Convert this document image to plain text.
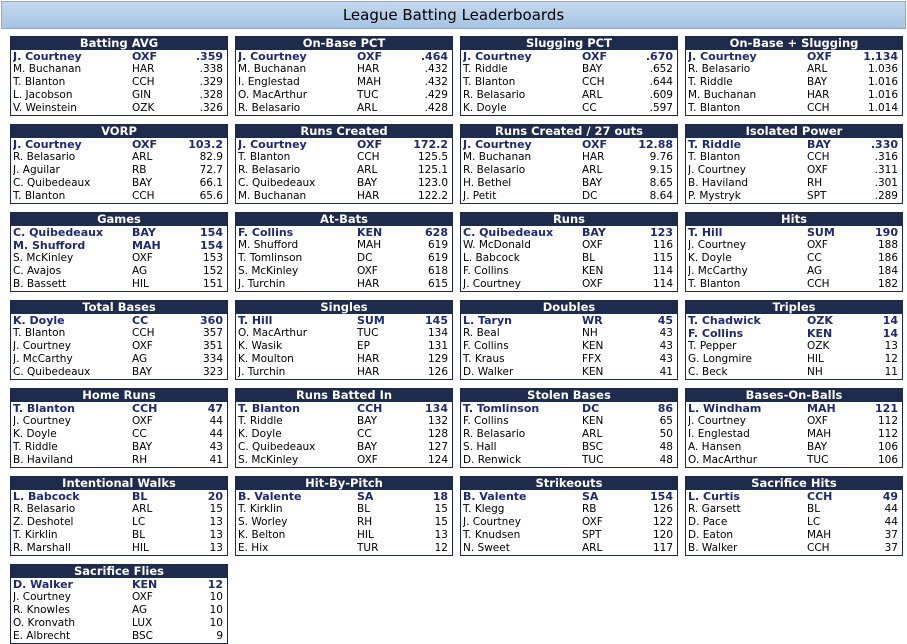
League Batting Leaderboards
Batting AVG
J. Courtney	OXF	.359
M. Buchanan	HAR	.338
T. Blanton	CCH	.329
L. Jacobson	GIN	.328
V. Weinstein	OZK	.326
On-Base PCT
J. Courtney	OXF	.464
M. Buchanan	HAR	.432
I. Englestad	MAH	.432
O. MacArthur	TUC	.429
R. Belasario	ARL	.428
Slugging PCT
J. Courtney	OXF	.670
T. Riddle	BAY	.652
T. Blanton	CCH	.644
R. Belasario	ARL	.609
K. Doyle	CC	.597
On-Base + Slugging
J. Courtney	OXF	1.134
R. Belasario	ARL	1.036
T. Riddle	BAY	1.016
M. Buchanan	HAR	1.016
T. Blanton	CCH	1.014
VORP
J. Courtney	OXF	103.2
R. Belasario	ARL	82.9
J. Aguilar	RB	72.7
C. Quibedeaux	BAY	66.1
T. Blanton	CCH	65.6
Runs Created
J. Courtney	OXF	172.2
T. Blanton	CCH	125.5
R. Belasario	ARL	125.1
C. Quibedeaux	BAY	123.0
M. Buchanan	HAR	122.2
Runs Created / 27 outs
J. Courtney	OXF	12.88
M. Buchanan	HAR	9.76
R. Belasario	ARL	9.15
H. Bethel	BAY	8.65
J. Petit	DC	8.64
Isolated Power
T. Riddle	BAY	.330
T. Blanton	CCH	.316
J. Courtney	OXF	.311
B. Haviland	RH	.301
P. Mystryk	SPT	.289
Games
C. Quibedeaux	BAY	154
M. Shufford	MAH	154
S. McKinley	OXF	153
C. Avajos	AG	152
B. Bassett	HIL	151
At-Bats
F. Collins	KEN	628
M. Shufford	MAH	619
T. Tomlinson	DC	619
S. McKinley	OXF	618
J. Turchin	HAR	615
Runs
C. Quibedeaux	BAY	123
W. McDonald	OXF	116
L. Babcock	BL	115
F. Collins	KEN	114
J. Courtney	OXF	114
Hits
T. Hill	SUM	190
J. Courtney	OXF	188
K. Doyle	CC	186
J. McCarthy	AG	184
T. Blanton	CCH	182
Total Bases
K. Doyle	CC	360
T. Blanton	CCH	357
J. Courtney	OXF	351
J. McCarthy	AG	334
C. Quibedeaux	BAY	323
Singles
T. Hill	SUM	145
O. MacArthur	TUC	134
K. Wasik	EP	131
K. Moulton	HAR	129
J. Turchin	HAR	126
Doubles
L. Taryn	WR	45
R. Beal	NH	43
F. Collins	KEN	43
T. Kraus	FFX	43
D. Walker	KEN	41
Triples
T. Chadwick	OZK	14
F. Collins	KEN	14
T. Pepper	OZK	13
G. Longmire	HIL	12
C. Beck	NH	11
Home Runs
T. Blanton	CCH	47
J. Courtney	OXF	44
K. Doyle	CC	44
T. Riddle	BAY	43
B. Haviland	RH	41
Runs Batted In
T. Blanton	CCH	134
T. Riddle	BAY	132
K. Doyle	CC	128
C. Quibedeaux	BAY	127
S. McKinley	OXF	124
Stolen Bases
T. Tomlinson	DC	86
F. Collins	KEN	65
R. Belasario	ARL	50
S. Hall	BSC	48
D. Renwick	TUC	48
Bases-On-Balls
L. Windham	MAH	121
J. Courtney	OXF	112
I. Englestad	MAH	112
A. Hansen	BAY	106
O. MacArthur	TUC	106
Intentional Walks
L. Babcock	BL	20
R. Belasario	ARL	15
Z. Deshotel	LC	13
T. Kirklin	BL	13
R. Marshall	HIL	13
Hit-By-Pitch
B. Valente	SA	18
T. Kirklin	BL	15
S. Worley	RH	15
K. Belton	HIL	13
E. Hix	TUR	12
Strikeouts
B. Valente	SA	154
T. Klegg	RB	126
J. Courtney	OXF	122
T. Knudsen	SPT	120
N. Sweet	ARL	117
Sacrifice Hits
L. Curtis	CCH	49
R. Garsett	BL	44
D. Pace	LC	44
D. Eaton	MAH	37
B. Walker	CCH	37
Sacrifice Flies
D. Walker	KEN	12
J. Courtney	OXF	10
R. Knowles	AG	10
O. Kronvath	LUX	10
E. Albrecht	BSC	9
